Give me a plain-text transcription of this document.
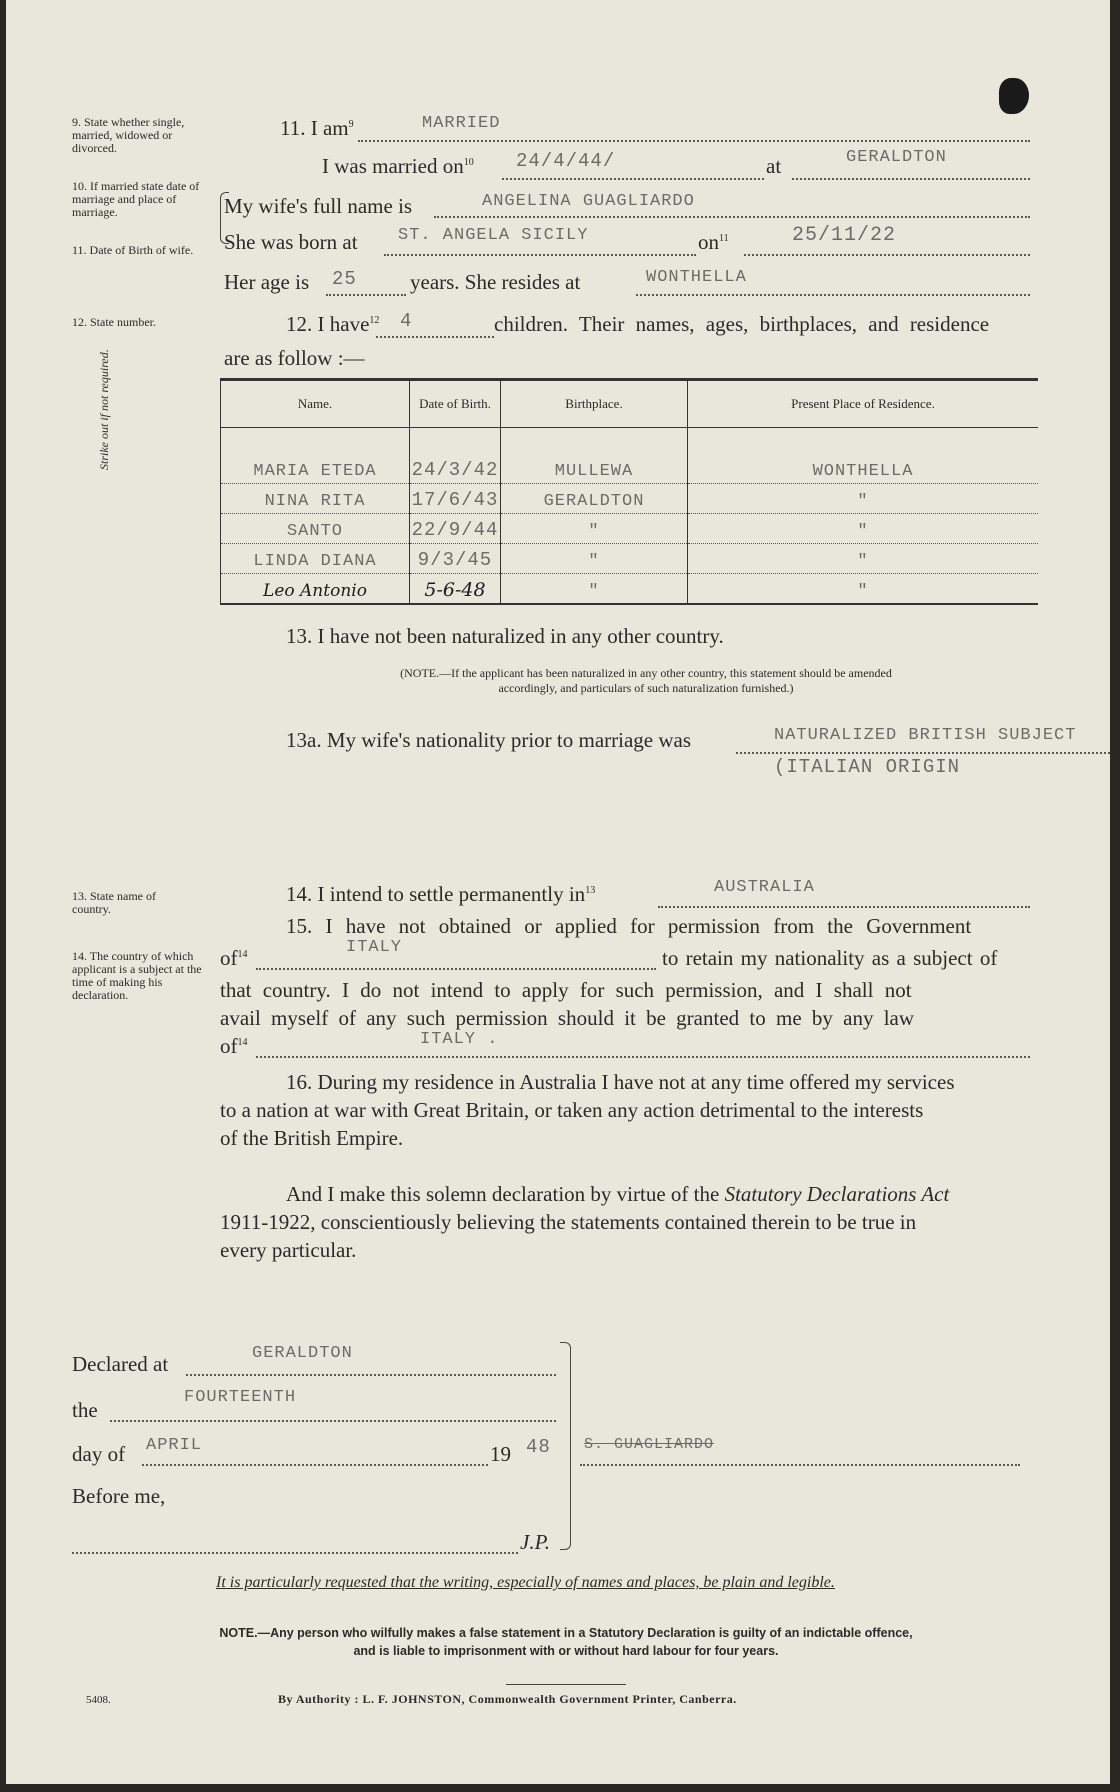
9. State whether single, married, widowed or divorced.
10. If married state date of marriage and place of marriage.
11. Date of Birth of wife.
12. State number.
Strike out if not required.
13. State name of country.
14. The country of which applicant is a subject at the time of making his declaration.
11. I $am^9$	MARRIED
I was married $on^{10}$ 24/4/44/	at	GERALDTON
My wife's full name is	ANGELINA GUAGLIARDO
She was born at ST. ANGELA SICILY	$on^{11}$	25/11/22
Her age is 25	years. She resides at	WONTHELLA
12. I have$^{12}$ 4	children. Their names, ages, birthplaces, and residence
are as follow :—
Name.	Date of Birth.	Birthplace.	Present Place of Residence.
MARIA ETEDA	24/3/42	MULLEWA	WONTHELLA
NINA RITA	17/6/43	GERALDTON	"
SANTO	22/9/44	"	"
LINDA DIANA	9/3/45	"	"
Leo Antonio	5-6-48	"	"
13. I have not been naturalized in any other country.
(NOTE.—If the applicant has been naturalized in any other country, this statement should be amended
accordingly, and particulars of such naturalization furnished.)
13a. My wife's nationality prior to marriage was	NATURALIZED BRITISH SUBJECT
(ITALIAN ORIGIN
14. I intend to settle permanently $in^{13}$	AUSTRALIA
15. I have not obtained or applied for permission from the Government
$of^{14}$	ITALY	to retain my nationality as a subject of
that country. I do not intend to apply for such permission, and I shall not
avail myself of any such permission should it be granted to me by any law
$of^{14}$	ITALY .
16. During my residence in Australia I have not at any time offered my services
to a nation at war with Great Britain, or taken any action detrimental to the interests
of the British Empire.
And I make this solemn declaration by virtue of the Statutory Declarations Act
1911-1922, conscientiously believing the statements contained therein to be true in
every particular.
Declared at	GERALDTON
the
FOURTEENTH
day of APRIL	19 48 S. GUAGLIARDO
Before me,
J.P.
It is particularly requested that the writing, especially of names and places, be plain and legible.
NOTE.—Any person who wilfully makes a false statement in a Statutory Declaration is guilty of an indictable offence,
and is liable to imprisonment with or without hard labour for four years.
5408.	By Authority : L. F. JOHNSTON, Commonwealth Government Printer, Canberra.
